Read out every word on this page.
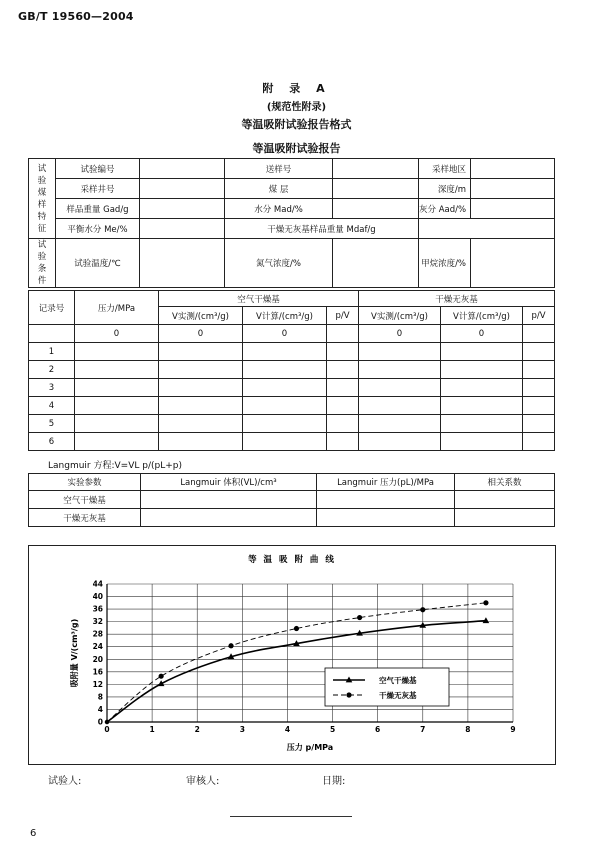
GB/T 19560—2004
附 录 A
(规范性附录)
等温吸附试验报告格式
等温吸附试验报告
试验煤样特征	试验编号		送样号		采样地区	
	采样井号		煤 层		深度/m	
	样品重量 Gad/g		水分 Mad/%		灰分 Aad/%	
	平衡水分 Me/%		干燥无灰基样品重量 Mdaf/g			

试验条件	试验温度/℃		氮气浓度/%		甲烷浓度/%	
记录号	压力/MPa	空气干燥基			干燥无灰基		
		V实测/(cm³/g)	V计算/(cm³/g)	p/V	V实测/(cm³/g)	V计算/(cm³/g)	p/V
	0	0	0		0	0	
1							
2							
3							
4							
5							
6							
Langmuir 方程:V=VL p/(pL+p)
实验参数	Langmuir 体积(VL)/cm³	Langmuir 压力(pL)/MPa	相关系数
空气干燥基			
干燥无灰基			
等 温 吸 附 曲 线
0	1	2	3	4	5	6	7	8	9
0
4
8
12
16
20
24
28
32
36
40
44
压力 p/MPa
吸附量 V/(cm³/g)	空气干燥基
干燥无灰基
试验人:	审核人:	日期:
6
